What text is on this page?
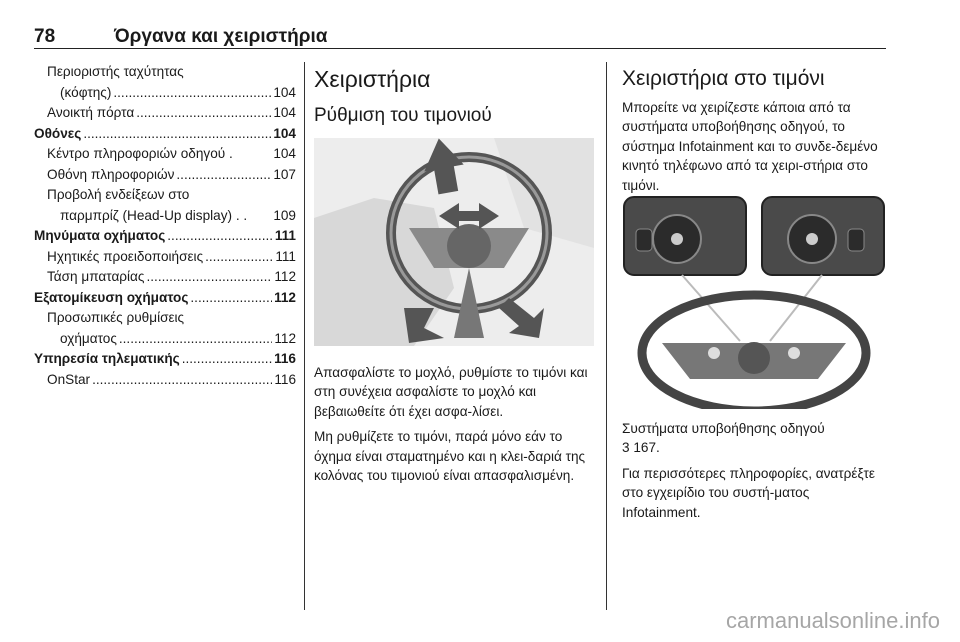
78	Όργανα και χειριστήρια
Περιοριστής ταχύτητας
(κόφτης) .....	104
Ανοικτή πόρτα .....	104
Οθόνες .....	104
Κέντρο πληροφοριών οδηγού .	104
Οθόνη πληροφοριών .....	107
Προβολή ενδείξεων στο
παρμπρίζ (Head-Up display) . . 109
Μηνύματα οχήματος .....	111
Ηχητικές προειδοποιήσεις .....	111
Τάση μπαταρίας .....	112
Εξατομίκευση οχήματος .....	112
Προσωπικές ρυθμίσεις
οχήματος .....	112
Υπηρεσία τηλεματικής .....	116
OnStar .....	116
Χειριστήρια
Ρύθμιση του τιμονιού

Απασφαλίστε το μοχλό, ρυθμίστε το τιμόνι και στη συνέχεια ασφαλίστε το μοχλό και βεβαιωθείτε ότι έχει ασφα-λίσει.

Μη ρυθμίζετε το τιμόνι, παρά μόνο εάν το όχημα είναι σταματημένο και η κλει-δαριά της κολόνας του τιμονιού είναι απασφαλισμένη.

Χειριστήρια στο τιμόνι

Μπορείτε να χειρίζεστε κάποια από τα συστήματα υποβοήθησης οδηγού, το σύστημα Infotainment και το συνδε-δεμένο κινητό τηλέφωνο από τα χειρι-στήρια στο τιμόνι.

Συστήματα υποβοήθησης οδηγού

3 167.

Για περισσότερες πληροφορίες, ανατρέξτε στο εγχειρίδιο του συστή-ματος Infotainment.

carmanualsonline.info
